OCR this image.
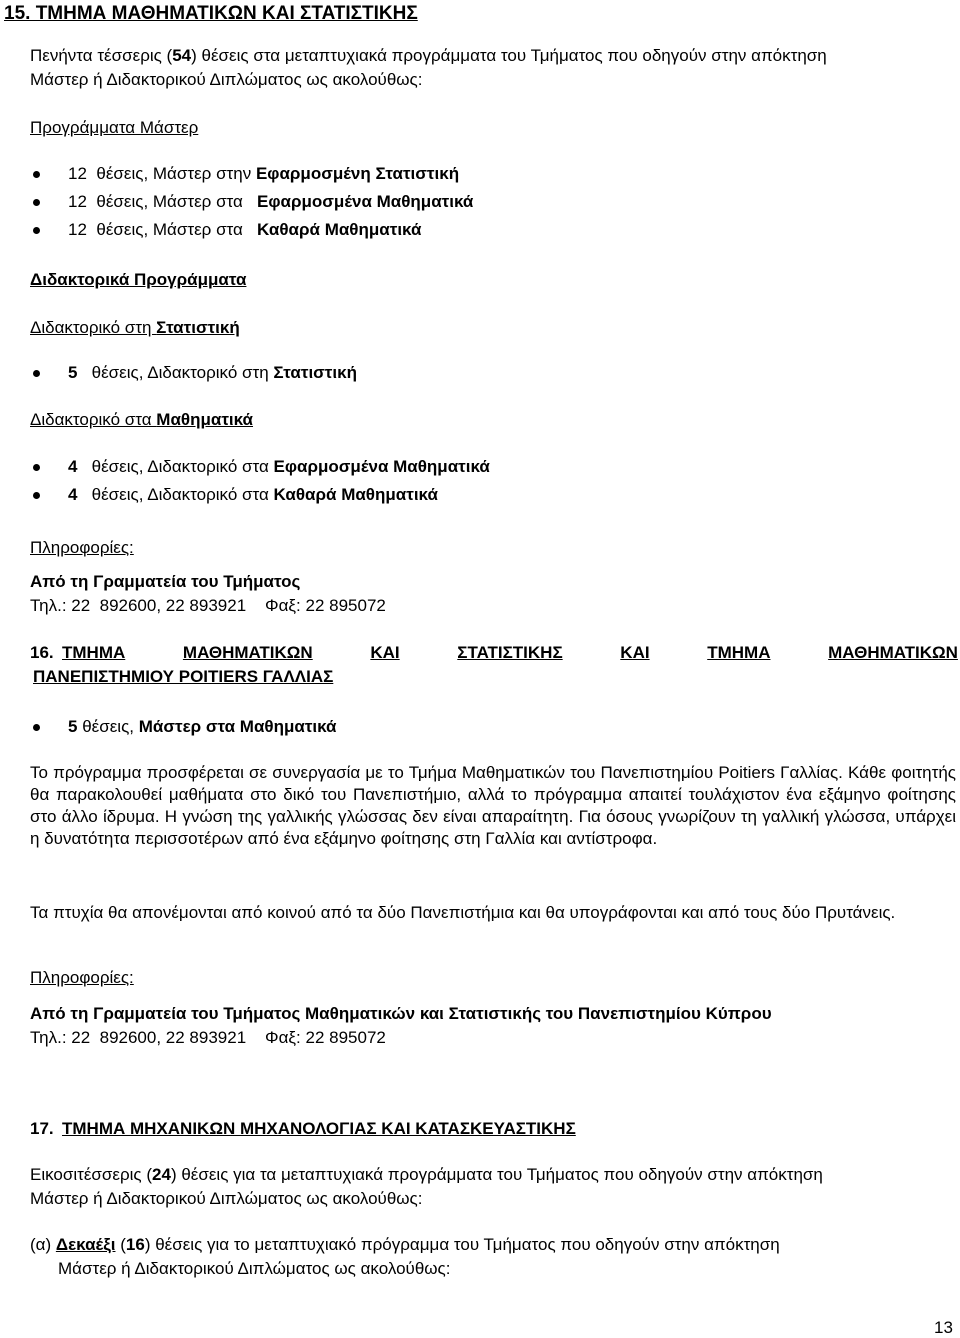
15. ΤΜΗΜΑ ΜΑΘΗΜΑΤΙΚΩΝ ΚΑΙ ΣΤΑΤΙΣΤΙΚΗΣ
Πενήντα τέσσερις (54) θέσεις στα μεταπτυχιακά προγράμματα του Τμήματος που οδηγούν στην απόκτηση
Μάστερ ή Διδακτορικού Διπλώματος ως ακολούθως:
Προγράμματα Μάστερ
12 θέσεις, Μάστερ στην Εφαρμοσμένη Στατιστική
12 θέσεις, Μάστερ στα Εφαρμοσμένα Μαθηματικά
12 θέσεις, Μάστερ στα Καθαρά Μαθηματικά
Διδακτορικά Προγράμματα
Διδακτορικό στη Στατιστική
5 θέσεις, Διδακτορικό στη Στατιστική
Διδακτορικό στα Μαθηματικά
4 θέσεις, Διδακτορικό στα Εφαρμοσμένα Μαθηματικά
4 θέσεις, Διδακτορικό στα Καθαρά Μαθηματικά
Πληροφορίες:
Από τη Γραμματεία του Τμήματος
Τηλ.: 22  892600, 22 893921    Φαξ: 22 895072
16. ΤΜΗΜΑ	ΜΑΘΗΜΑΤΙΚΩΝ	ΚΑΙ	ΣΤΑΤΙΣΤΙΚΗΣ	ΚΑΙ	ΤΜΗΜΑ	ΜΑΘΗΜΑΤΙΚΩΝ
ΠΑΝΕΠΙΣΤΗΜΙΟΥ POITIERS ΓΑΛΛΙΑΣ
5 θέσεις, Μάστερ στα Μαθηματικά
Το πρόγραμμα προσφέρεται σε συνεργασία με το Τμήμα Μαθηματικών του Πανεπιστημίου Poitiers Γαλλίας. Κάθε φοιτητής θα παρακολουθεί μαθήματα στο δικό του Πανεπιστήμιο, αλλά το πρόγραμμα απαιτεί τουλάχιστον ένα εξάμηνο φοίτησης στο άλλο ίδρυμα. Η γνώση της γαλλικής γλώσσας δεν είναι απαραίτητη. Για όσους γνωρίζουν τη γαλλική γλώσσα, υπάρχει η δυνατότητα περισσοτέρων από ένα εξάμηνο φοίτησης στη Γαλλία και αντίστροφα.
Τα πτυχία θα απονέμονται από κοινού από τα δύο Πανεπιστήμια και θα υπογράφονται και από τους δύο Πρυτάνεις.
Πληροφορίες:
Από τη Γραμματεία του Τμήματος Μαθηματικών και Στατιστικής του Πανεπιστημίου Κύπρου
Τηλ.: 22  892600, 22 893921    Φαξ: 22 895072
17. ΤΜΗΜΑ ΜΗΧΑΝΙΚΩΝ ΜΗΧΑΝΟΛΟΓΙΑΣ ΚΑΙ ΚΑΤΑΣΚΕΥΑΣΤΙΚΗΣ
Εικοσιτέσσερις (24) θέσεις για τα μεταπτυχιακά προγράμματα του Τμήματος που οδηγούν στην απόκτηση
Μάστερ ή Διδακτορικού Διπλώματος ως ακολούθως:
(α) Δεκαέξι (16) θέσεις για το μεταπτυχιακό πρόγραμμα του Τμήματος που οδηγούν στην απόκτηση
Μάστερ ή Διδακτορικού Διπλώματος ως ακολούθως:
13
